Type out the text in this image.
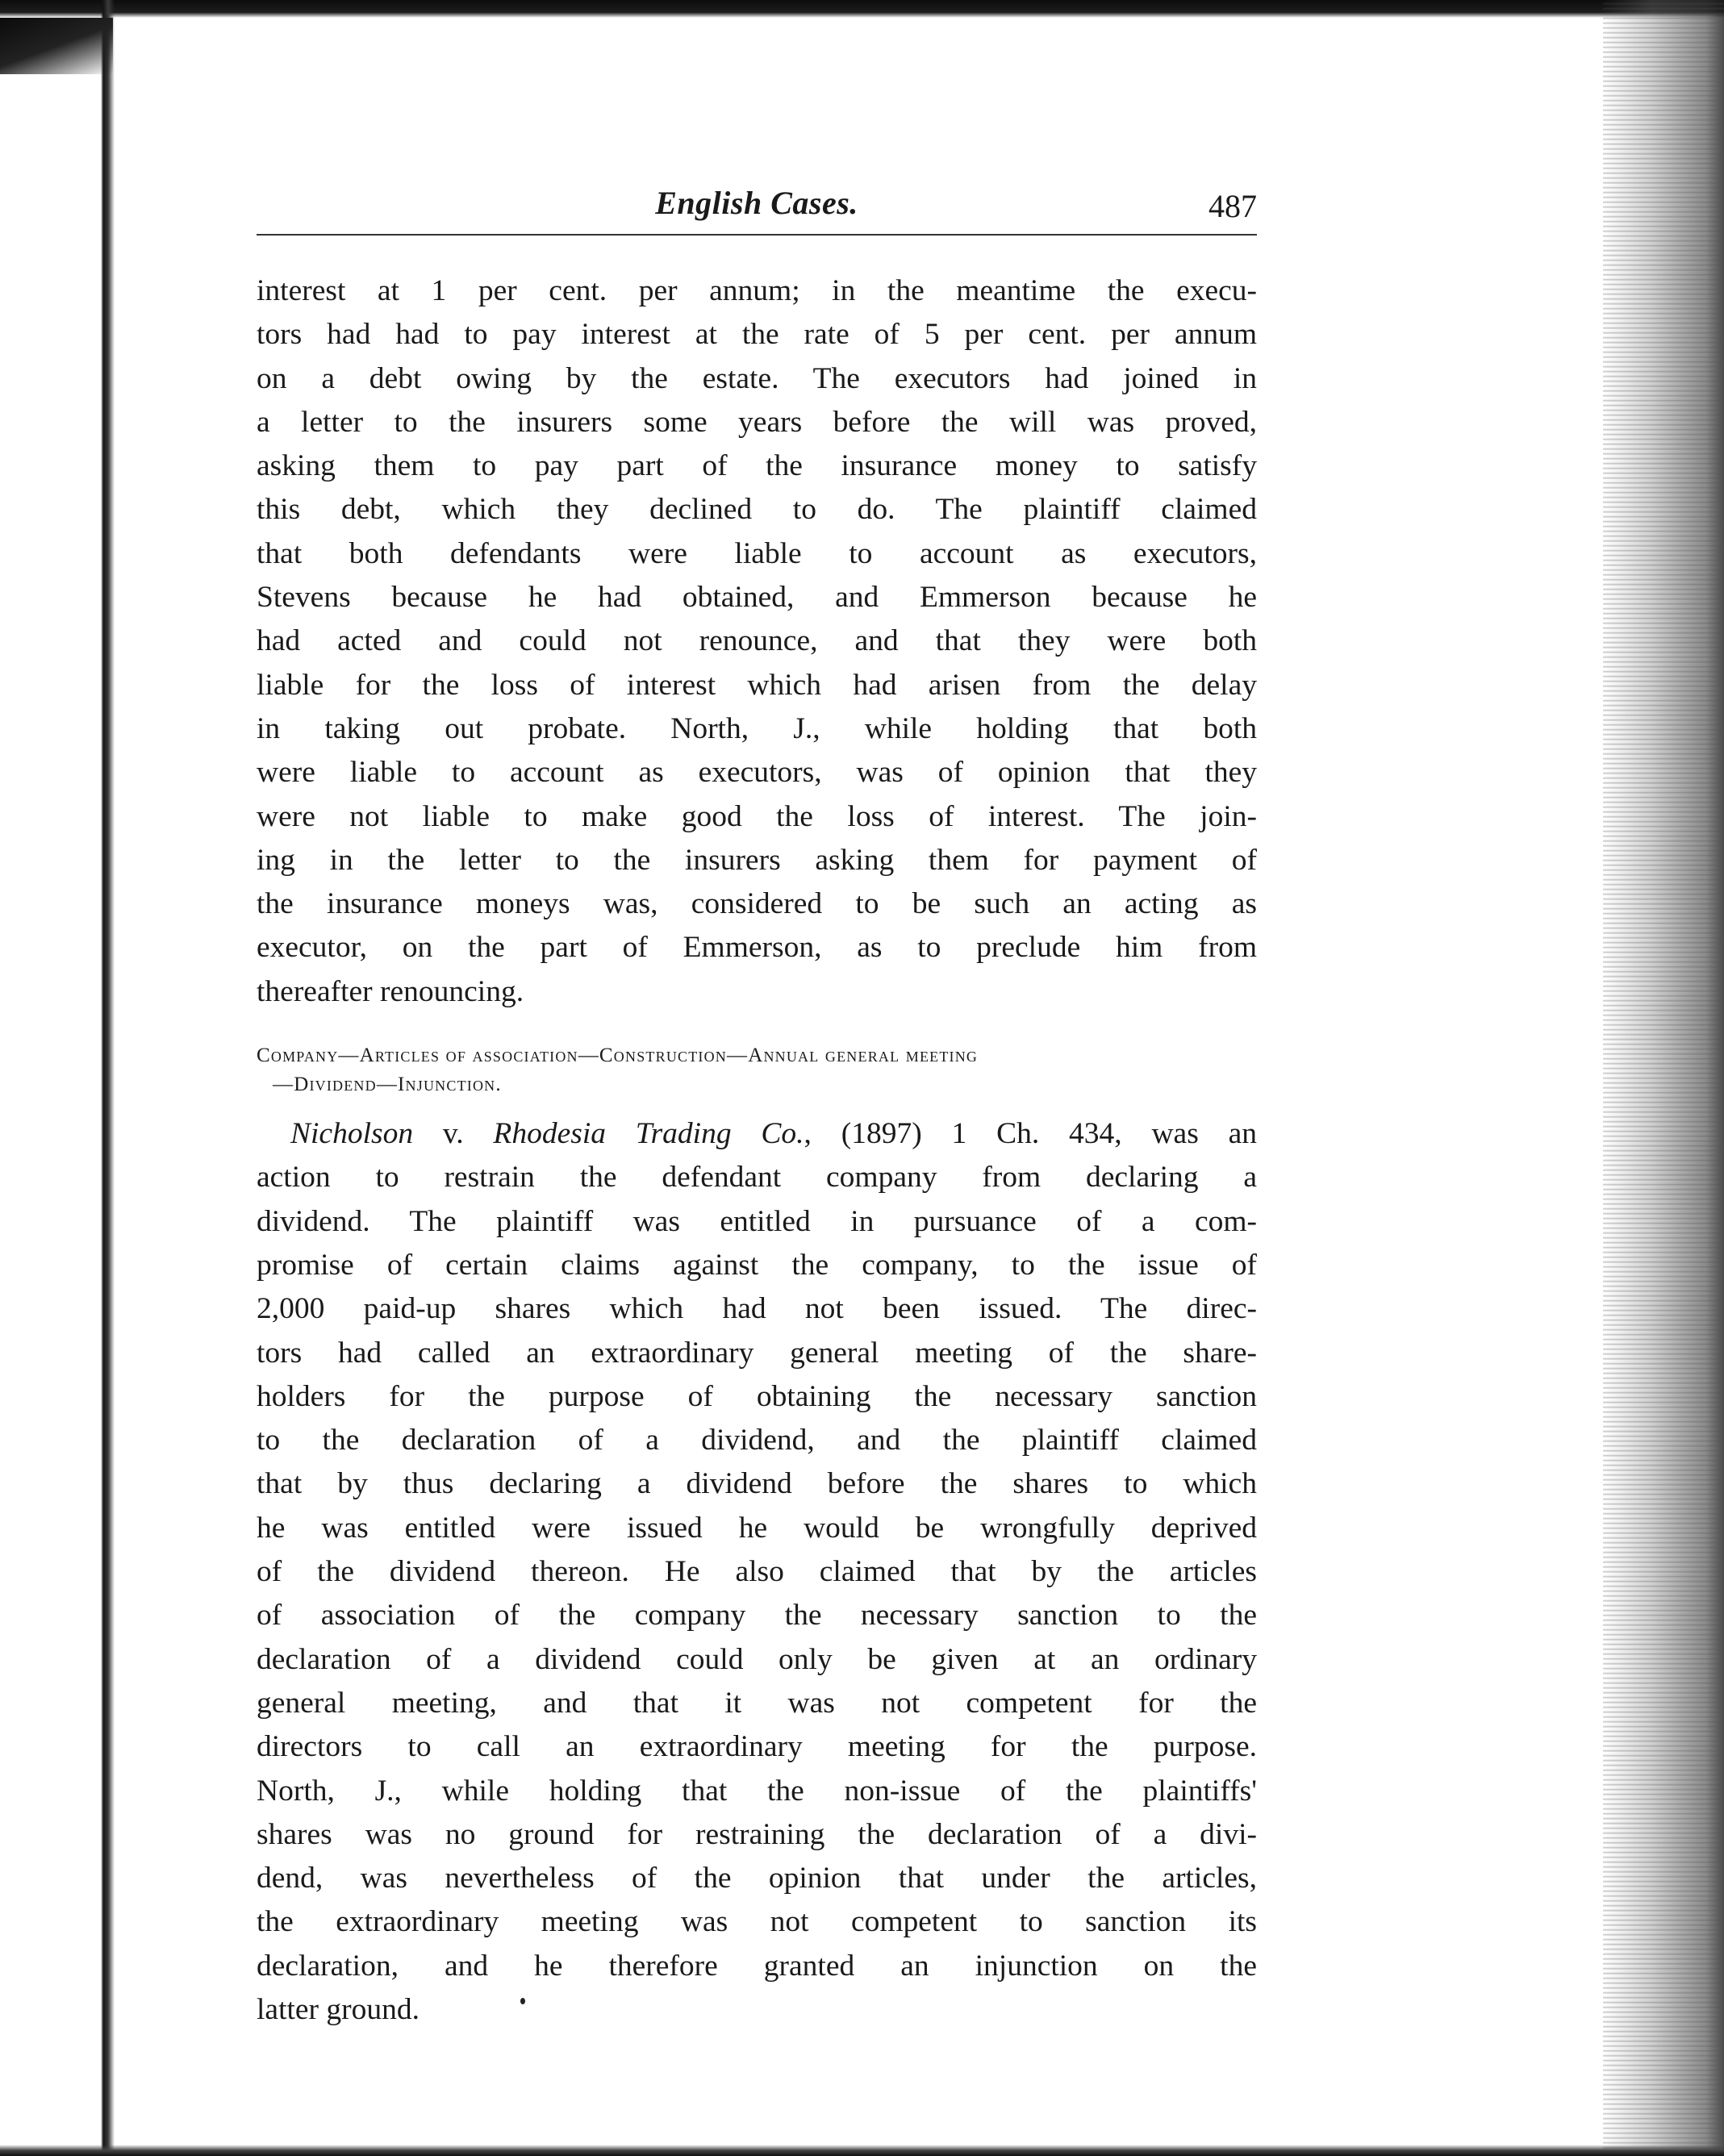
English Cases.	487
interest at 1 per cent. per annum; in the meantime the execu-
tors had had to pay interest at the rate of 5 per cent. per annum
on a debt owing by the estate. The executors had joined in
a letter to the insurers some years before the will was proved,
asking them to pay part of the insurance money to satisfy
this debt, which they declined to do. The plaintiff claimed
that both defendants were liable to account as executors,
Stevens because he had obtained, and Emmerson because he
had acted and could not renounce, and that they were both
liable for the loss of interest which had arisen from the delay
in taking out probate. North, J., while holding that both
were liable to account as executors, was of opinion that they
were not liable to make good the loss of interest. The join-
ing in the letter to the insurers asking them for payment of
the insurance moneys was, considered to be such an acting as
executor, on the part of Emmerson, as to preclude him from
thereafter renouncing.
Company—Articles of association—Construction—Annual general meeting
—Dividend—Injunction.
Nicholson v. Rhodesia Trading Co., (1897) 1 Ch. 434, was an
action to restrain the defendant company from declaring a
dividend. The plaintiff was entitled in pursuance of a com-
promise of certain claims against the company, to the issue of
2,000 paid-up shares which had not been issued. The direc-
tors had called an extraordinary general meeting of the share-
holders for the purpose of obtaining the necessary sanction
to the declaration of a dividend, and the plaintiff claimed
that by thus declaring a dividend before the shares to which
he was entitled were issued he would be wrongfully deprived
of the dividend thereon. He also claimed that by the articles
of association of the company the necessary sanction to the
declaration of a dividend could only be given at an ordinary
general meeting, and that it was not competent for the
directors to call an extraordinary meeting for the purpose.
North, J., while holding that the non-issue of the plaintiffs'
shares was no ground for restraining the declaration of a divi-
dend, was nevertheless of the opinion that under the articles,
the extraordinary meeting was not competent to sanction its
declaration, and he therefore granted an injunction on the
latter ground.
